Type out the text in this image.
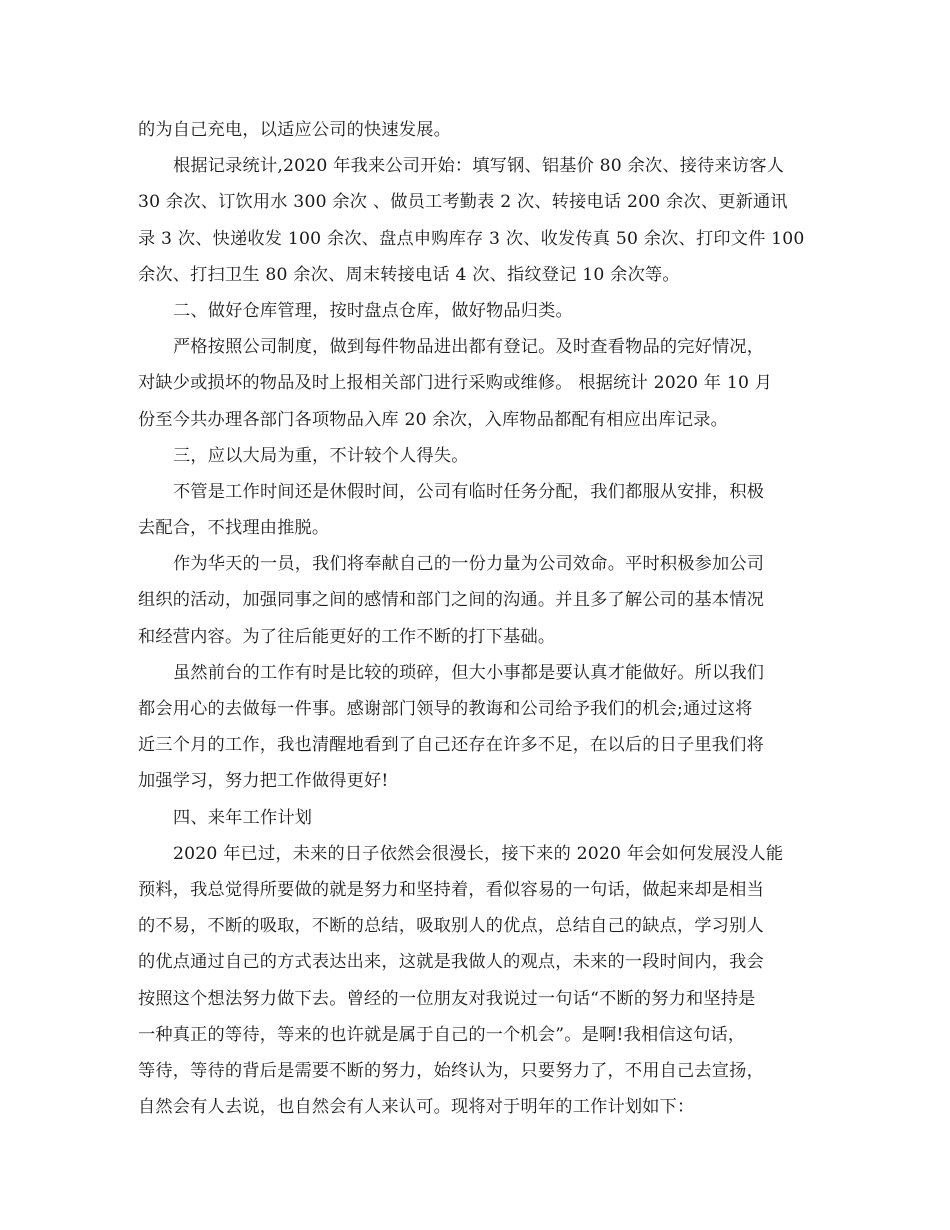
的为自己充电，以适应公司的快速发展。
根据记录统计,2020 年我来公司开始：填写钢、铝基价 80 余次、接待来访客人
30 余次、订饮用水 300 余次 、做员工考勤表 2 次、转接电话 200 余次、更新通讯
录 3 次、快递收发 100 余次、盘点申购库存 3 次、收发传真 50 余次、打印文件 100
余次、打扫卫生 80 余次、周末转接电话 4 次、指纹登记 10 余次等。
二、做好仓库管理，按时盘点仓库，做好物品归类。
严格按照公司制度，做到每件物品进出都有登记。及时查看物品的完好情况，
对缺少或损坏的物品及时上报相关部门进行采购或维修。 根据统计 2020 年 10 月
份至今共办理各部门各项物品入库 20 余次，入库物品都配有相应出库记录。
三，应以大局为重，不计较个人得失。
不管是工作时间还是休假时间，公司有临时任务分配，我们都服从安排，积极
去配合，不找理由推脱。
作为华天的一员，我们将奉献自己的一份力量为公司效命。平时积极参加公司
组织的活动，加强同事之间的感情和部门之间的沟通。并且多了解公司的基本情况
和经营内容。为了往后能更好的工作不断的打下基础。
虽然前台的工作有时是比较的琐碎，但大小事都是要认真才能做好。所以我们
都会用心的去做每一件事。感谢部门领导的教诲和公司给予我们的机会;通过这将
近三个月的工作，我也清醒地看到了自己还存在许多不足，在以后的日子里我们将
加强学习，努力把工作做得更好!
四、来年工作计划
2020 年已过，未来的日子依然会很漫长，接下来的 2020 年会如何发展没人能
预料，我总觉得所要做的就是努力和坚持着，看似容易的一句话，做起来却是相当
的不易，不断的吸取，不断的总结，吸取别人的优点，总结自己的缺点，学习别人
的优点通过自己的方式表达出来，这就是我做人的观点，未来的一段时间内，我会
按照这个想法努力做下去。曾经的一位朋友对我说过一句话“不断的努力和坚持是
一种真正的等待，等来的也许就是属于自己的一个机会”。是啊!我相信这句话，
等待，等待的背后是需要不断的努力，始终认为，只要努力了，不用自己去宣扬，
自然会有人去说，也自然会有人来认可。现将对于明年的工作计划如下：
